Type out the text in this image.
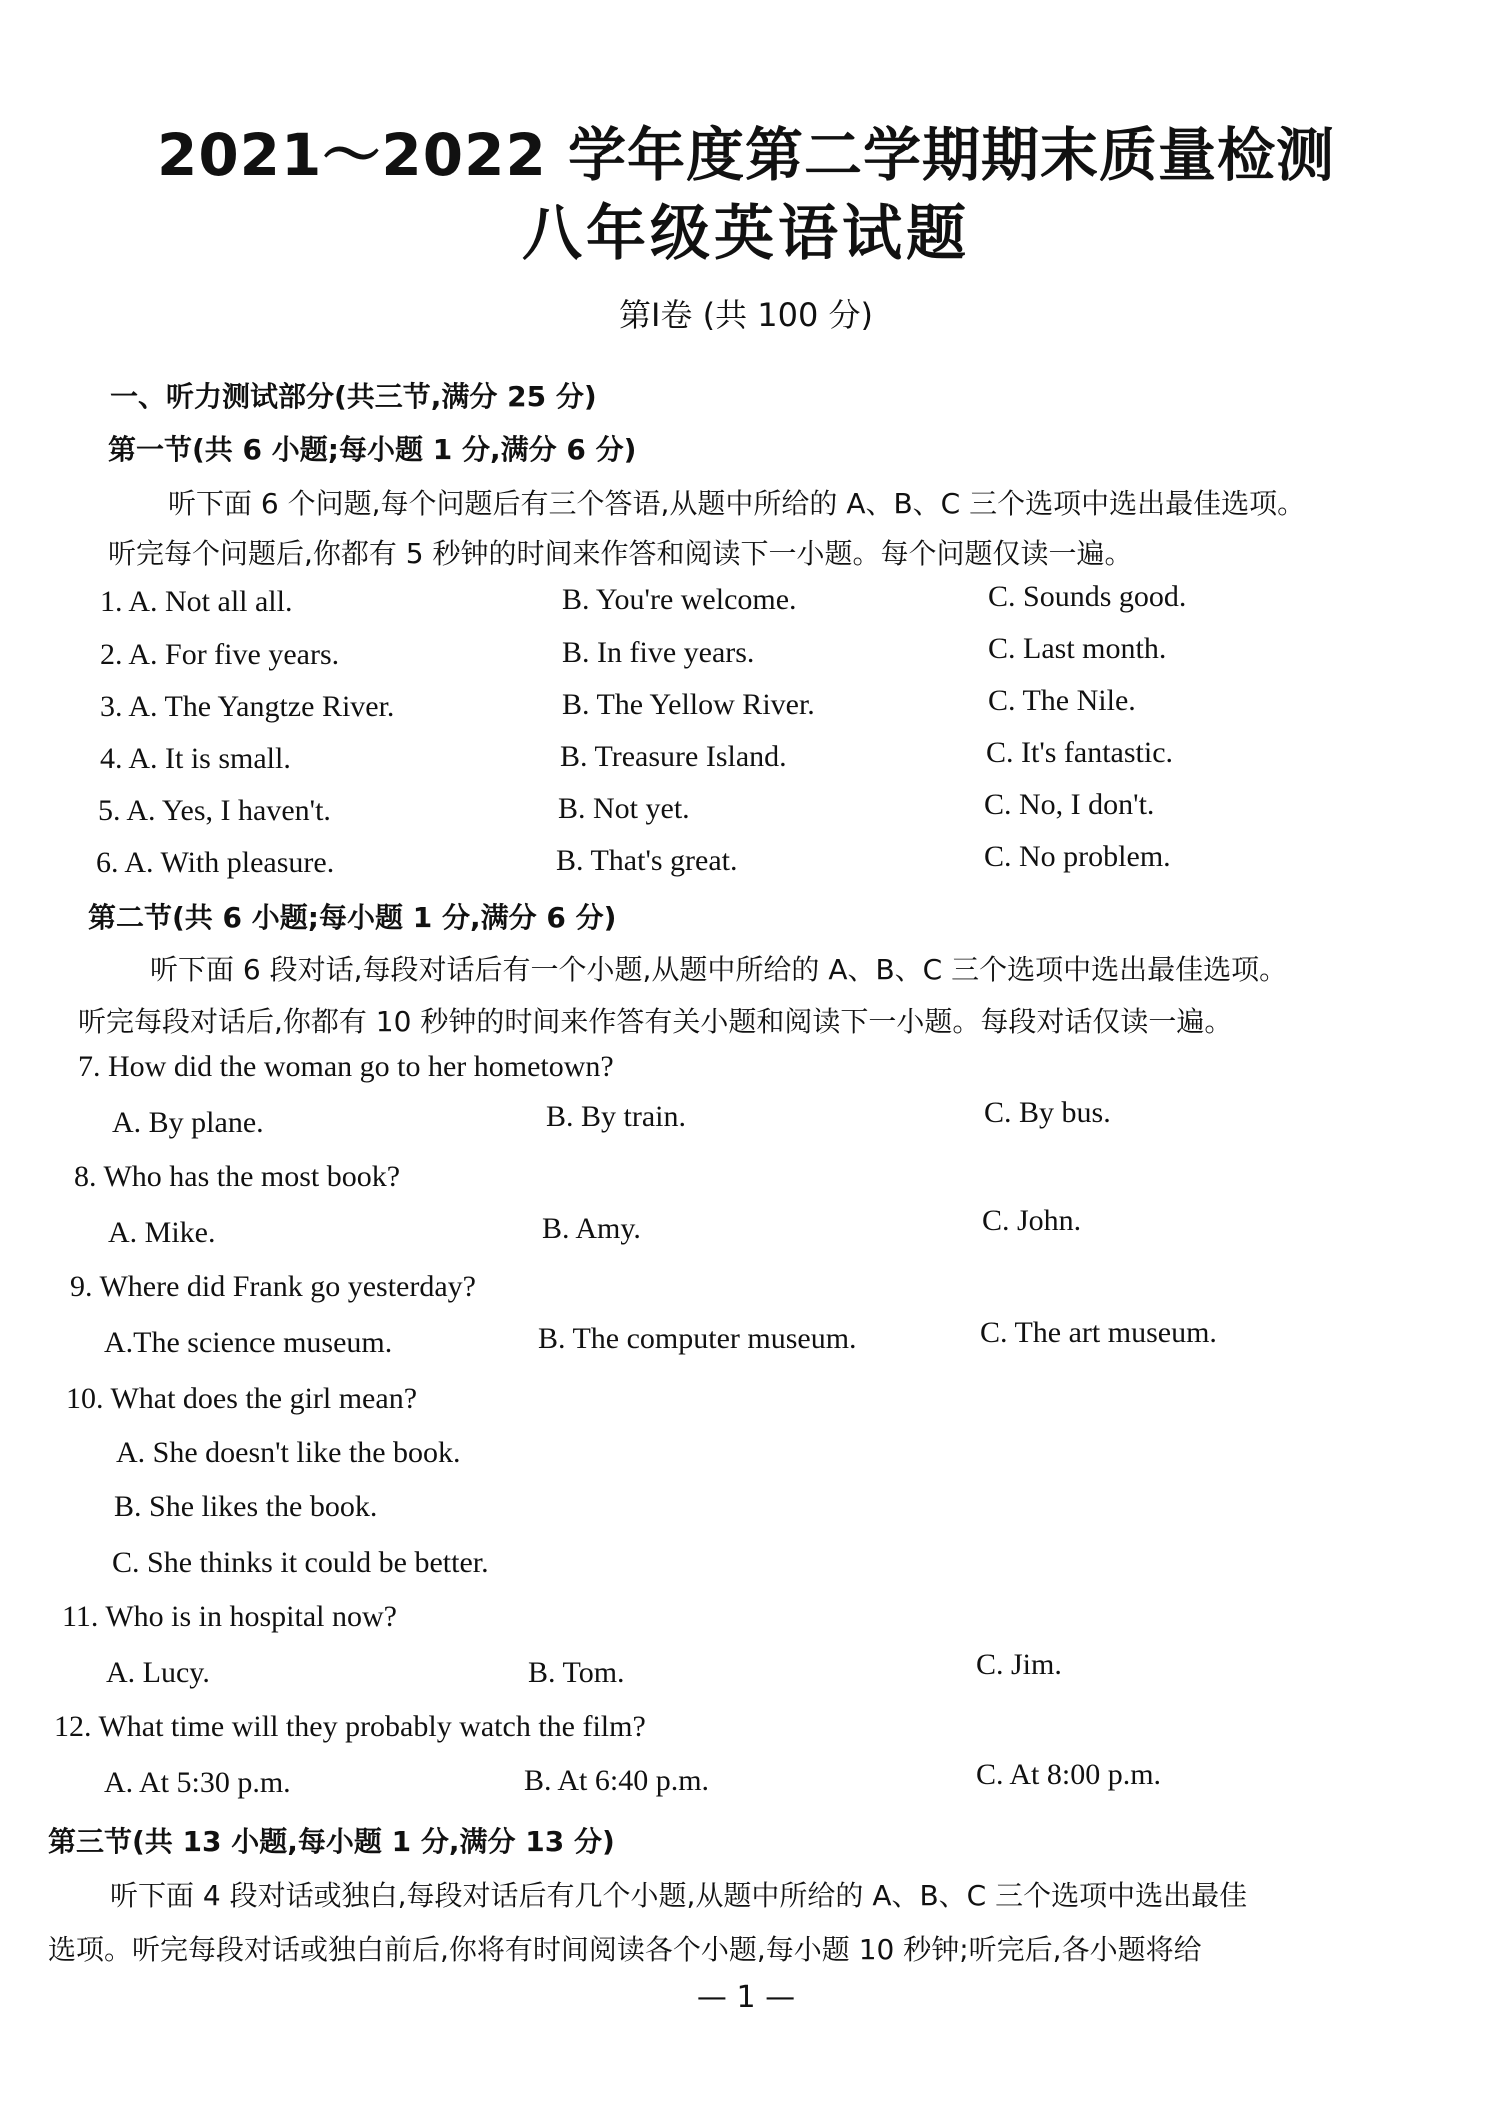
2021～2022 学年度第二学期期末质量检测
八年级英语试题
第Ⅰ卷 (共 100 分)
一、听力测试部分(共三节,满分 25 分)
第一节(共 6 小题;每小题 1 分,满分 6 分)
听下面 6 个问题,每个问题后有三个答语,从题中所给的 A、B、C 三个选项中选出最佳选项。
听完每个问题后,你都有 5 秒钟的时间来作答和阅读下一小题。每个问题仅读一遍。
1. A. Not all all.	B. You're welcome.	C. Sounds good.
2. A. For five years.	B. In five years.	C. Last month.
3. A. The Yangtze River.	B. The Yellow River.	C. The Nile.
4. A. It is small.	B. Treasure Island.	C. It's fantastic.
5. A. Yes, I haven't.	B. Not yet.	C. No, I don't.
6. A. With pleasure.	B. That's great.	C. No problem.
第二节(共 6 小题;每小题 1 分,满分 6 分)
听下面 6 段对话,每段对话后有一个小题,从题中所给的 A、B、C 三个选项中选出最佳选项。
听完每段对话后,你都有 10 秒钟的时间来作答有关小题和阅读下一小题。每段对话仅读一遍。
7. How did the woman go to her hometown?
A. By plane.	B. By train.	C. By bus.
8. Who has the most book?
A. Mike.	B. Amy.	C. John.
9. Where did Frank go yesterday?
A.The science museum.	B. The computer museum.	C. The art museum.
10. What does the girl mean?
A. She doesn't like the book.
B. She likes the book.
C. She thinks it could be better.
11. Who is in hospital now?
A. Lucy.	B. Tom.	C. Jim.
12. What time will they probably watch the film?
A. At 5:30 p.m.	B. At 6:40 p.m.	C. At 8:00 p.m.
第三节(共 13 小题,每小题 1 分,满分 13 分)
听下面 4 段对话或独白,每段对话后有几个小题,从题中所给的 A、B、C 三个选项中选出最佳
选项。听完每段对话或独白前后,你将有时间阅读各个小题,每小题 10 秒钟;听完后,各小题将给
— 1 —
